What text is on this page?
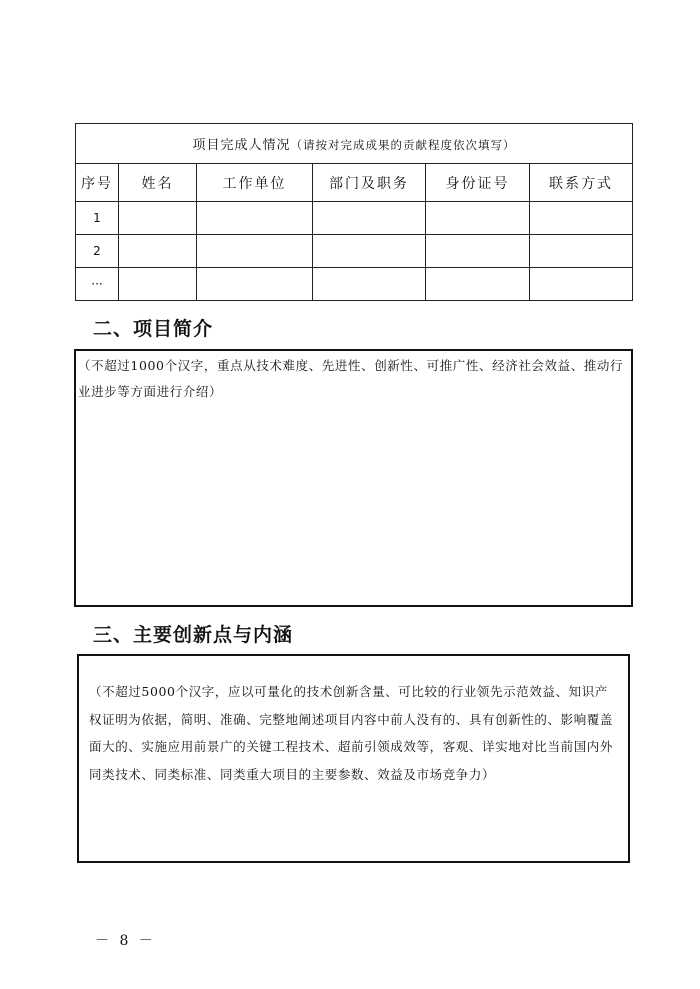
项目完成人情况（请按对完成成果的贡献程度依次填写）					
序号	姓名	工作单位	部门及职务	身份证号	联系方式
1					
2					
···					
二、项目简介

（不超过1000个汉字，重点从技术难度、先进性、创新性、可推广性、经济社会效益、推动行业进步等方面进行介绍）

三、主要创新点与内涵

（不超过5000个汉字，应以可量化的技术创新含量、可比较的行业领先示范效益、知识产权证明为依据，简明、准确、完整地阐述项目内容中前人没有的、具有创新性的、影响覆盖面大的、实施应用前景广的关键工程技术、超前引领成效等，客观、详实地对比当前国内外同类技术、同类标准、同类重大项目的主要参数、效益及市场竞争力）

－ 8 －
